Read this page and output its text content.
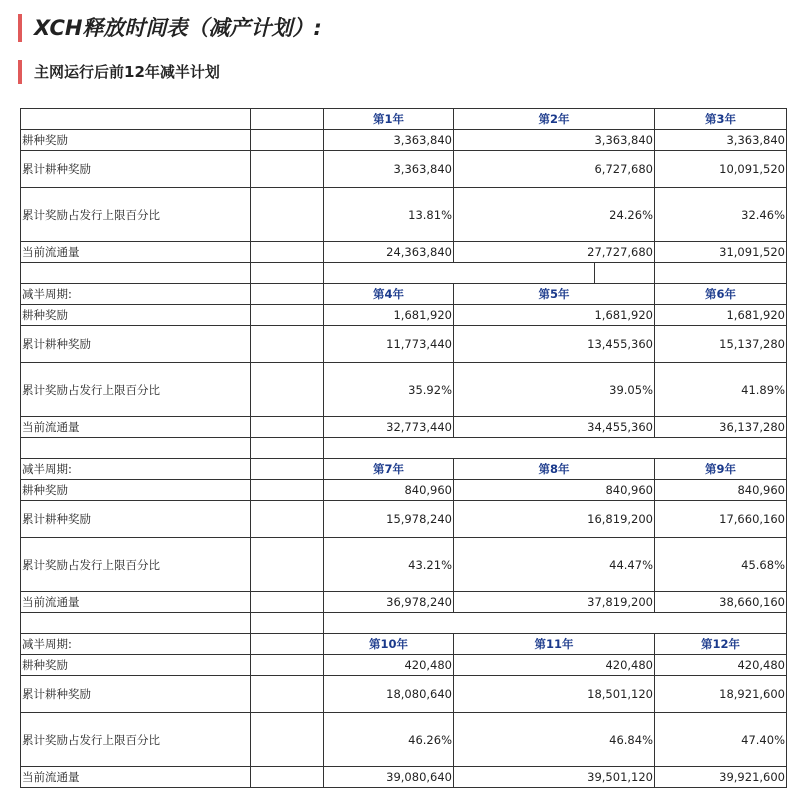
XCH释放时间表（减产计划）:
主网运行后前12年减半计划
		第1年	第2年	第3年
耕种奖励		3,363,840	3,363,840	3,363,840
累计耕种奖励		3,363,840	6,727,680	10,091,520
累计奖励占发行上限百分比		13.81%	24.26%	32.46%
当前流通量		24,363,840	27,727,680	31,091,520

减半周期:		第4年	第5年	第6年
耕种奖励		1,681,920	1,681,920	1,681,920
累计耕种奖励		11,773,440	13,455,360	15,137,280
累计奖励占发行上限百分比		35.92%	39.05%	41.89%
当前流通量		32,773,440	34,455,360	36,137,280

减半周期:		第7年	第8年	第9年
耕种奖励		840,960	840,960	840,960
累计耕种奖励		15,978,240	16,819,200	17,660,160
累计奖励占发行上限百分比		43.21%	44.47%	45.68%
当前流通量		36,978,240	37,819,200	38,660,160

减半周期:		第10年	第11年	第12年
耕种奖励		420,480	420,480	420,480
累计耕种奖励		18,080,640	18,501,120	18,921,600
累计奖励占发行上限百分比		46.26%	46.84%	47.40%
当前流通量		39,080,640	39,501,120	39,921,600
